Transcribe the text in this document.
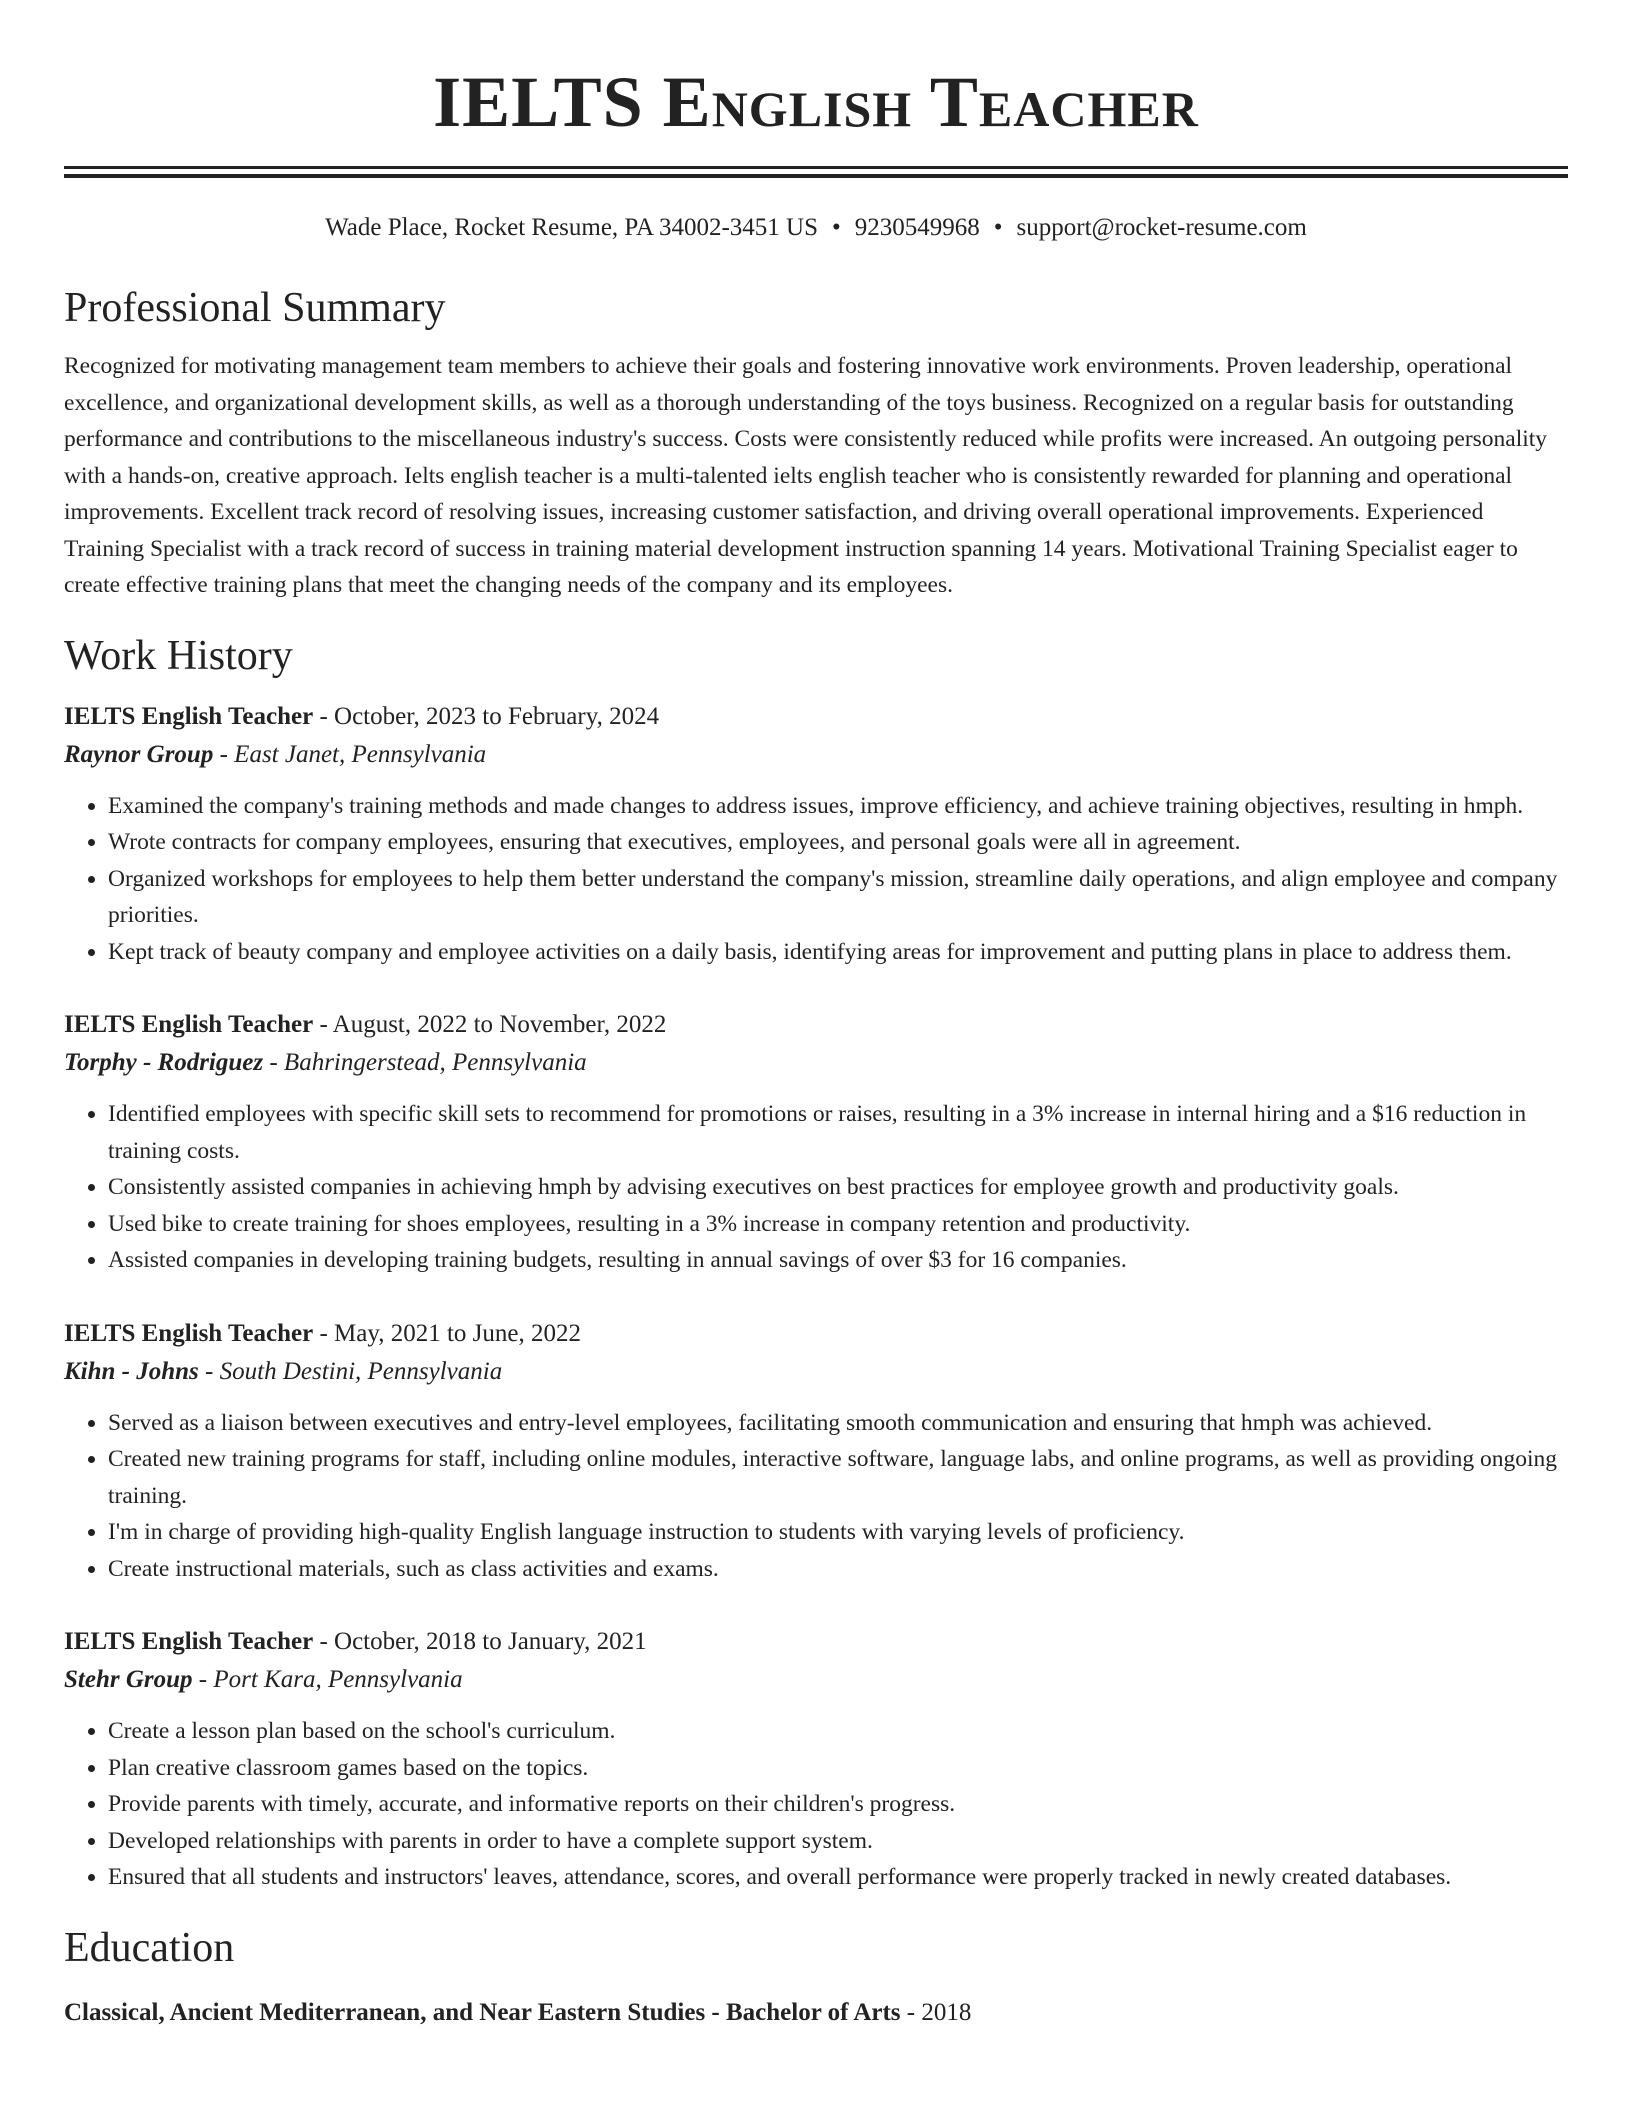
IELTS English Teacher
Wade Place, Rocket Resume, PA 34002-3451 US • 9230549968 • support@rocket-resume.com
Professional Summary

Recognized for motivating management team members to achieve their goals and fostering innovative work environments. Proven leadership, operational excellence, and organizational development skills, as well as a thorough understanding of the toys business. Recognized on a regular basis for outstanding performance and contributions to the miscellaneous industry's success. Costs were consistently reduced while profits were increased. An outgoing personality with a hands-on, creative approach. Ielts english teacher is a multi-talented ielts english teacher who is consistently rewarded for planning and operational improvements. Excellent track record of resolving issues, increasing customer satisfaction, and driving overall operational improvements. Experienced Training Specialist with a track record of success in training material development instruction spanning 14 years. Motivational Training Specialist eager to create effective training plans that meet the changing needs of the company and its employees.

Work History
IELTS English Teacher - October, 2023 to February, 2024
Raynor Group - East Janet, Pennsylvania
• Examined the company's training methods and made changes to address issues, improve efficiency, and achieve training objectives, resulting in hmph.
• Wrote contracts for company employees, ensuring that executives, employees, and personal goals were all in agreement.
• Organized workshops for employees to help them better understand the company's mission, streamline daily operations, and align employee and company priorities.
• Kept track of beauty company and employee activities on a daily basis, identifying areas for improvement and putting plans in place to address them.
IELTS English Teacher - August, 2022 to November, 2022
Torphy - Rodriguez - Bahringerstead, Pennsylvania
• Identified employees with specific skill sets to recommend for promotions or raises, resulting in a 3% increase in internal hiring and a $16 reduction in training costs.
• Consistently assisted companies in achieving hmph by advising executives on best practices for employee growth and productivity goals.
• Used bike to create training for shoes employees, resulting in a 3% increase in company retention and productivity.
• Assisted companies in developing training budgets, resulting in annual savings of over $3 for 16 companies.
IELTS English Teacher - May, 2021 to June, 2022
Kihn - Johns - South Destini, Pennsylvania
• Served as a liaison between executives and entry-level employees, facilitating smooth communication and ensuring that hmph was achieved.
• Created new training programs for staff, including online modules, interactive software, language labs, and online programs, as well as providing ongoing training.
• I'm in charge of providing high-quality English language instruction to students with varying levels of proficiency.
• Create instructional materials, such as class activities and exams.
IELTS English Teacher - October, 2018 to January, 2021
Stehr Group - Port Kara, Pennsylvania
• Create a lesson plan based on the school's curriculum.
• Plan creative classroom games based on the topics.
• Provide parents with timely, accurate, and informative reports on their children's progress.
• Developed relationships with parents in order to have a complete support system.
• Ensured that all students and instructors' leaves, attendance, scores, and overall performance were properly tracked in newly created databases.
Education
Classical, Ancient Mediterranean, and Near Eastern Studies - Bachelor of Arts - 2018
